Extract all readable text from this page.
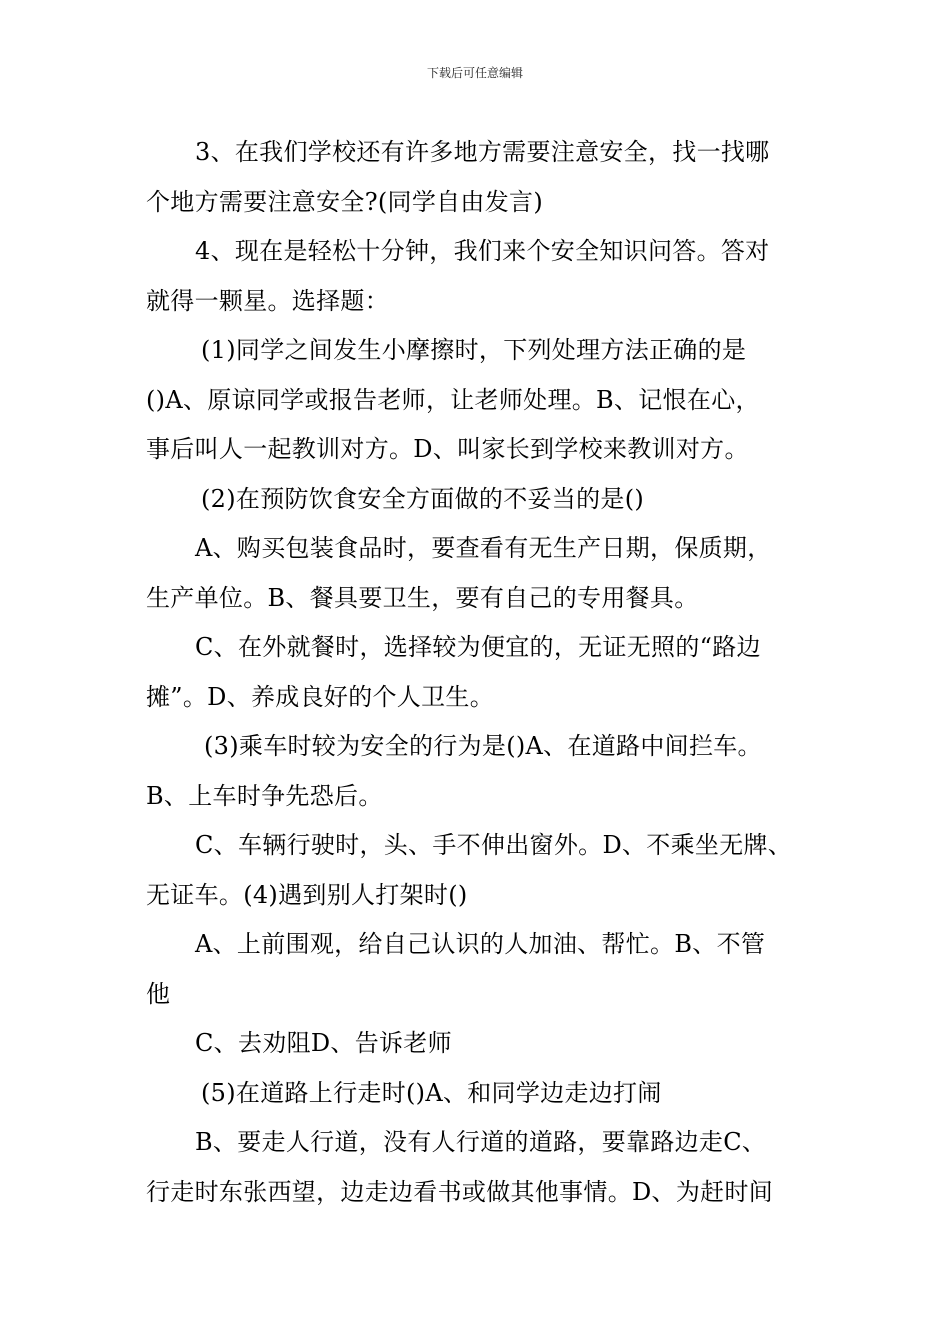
下载后可任意编辑
3、在我们学校还有许多地方需要注意安全，找一找哪
个地方需要注意安全?(同学自由发言)
4、现在是轻松十分钟，我们来个安全知识问答。答对
就得一颗星。选择题：
(1)同学之间发生小摩擦时，下列处理方法正确的是
()A、原谅同学或报告老师，让老师处理。B、记恨在心，
事后叫人一起教训对方。D、叫家长到学校来教训对方。
(2)在预防饮食安全方面做的不妥当的是()
A、购买包装食品时，要查看有无生产日期，保质期，
生产单位。B、餐具要卫生，要有自己的专用餐具。
C、在外就餐时，选择较为便宜的，无证无照的“路边
摊”。D、养成良好的个人卫生。
(3)乘车时较为安全的行为是()A、在道路中间拦车。
B、上车时争先恐后。
C、车辆行驶时，头、手不伸出窗外。D、不乘坐无牌、
无证车。(4)遇到别人打架时()
A、上前围观，给自己认识的人加油、帮忙。B、不管
他
C、去劝阻D、告诉老师
(5)在道路上行走时()A、和同学边走边打闹
B、要走人行道，没有人行道的道路，要靠路边走C、
行走时东张西望，边走边看书或做其他事情。D、为赶时间
